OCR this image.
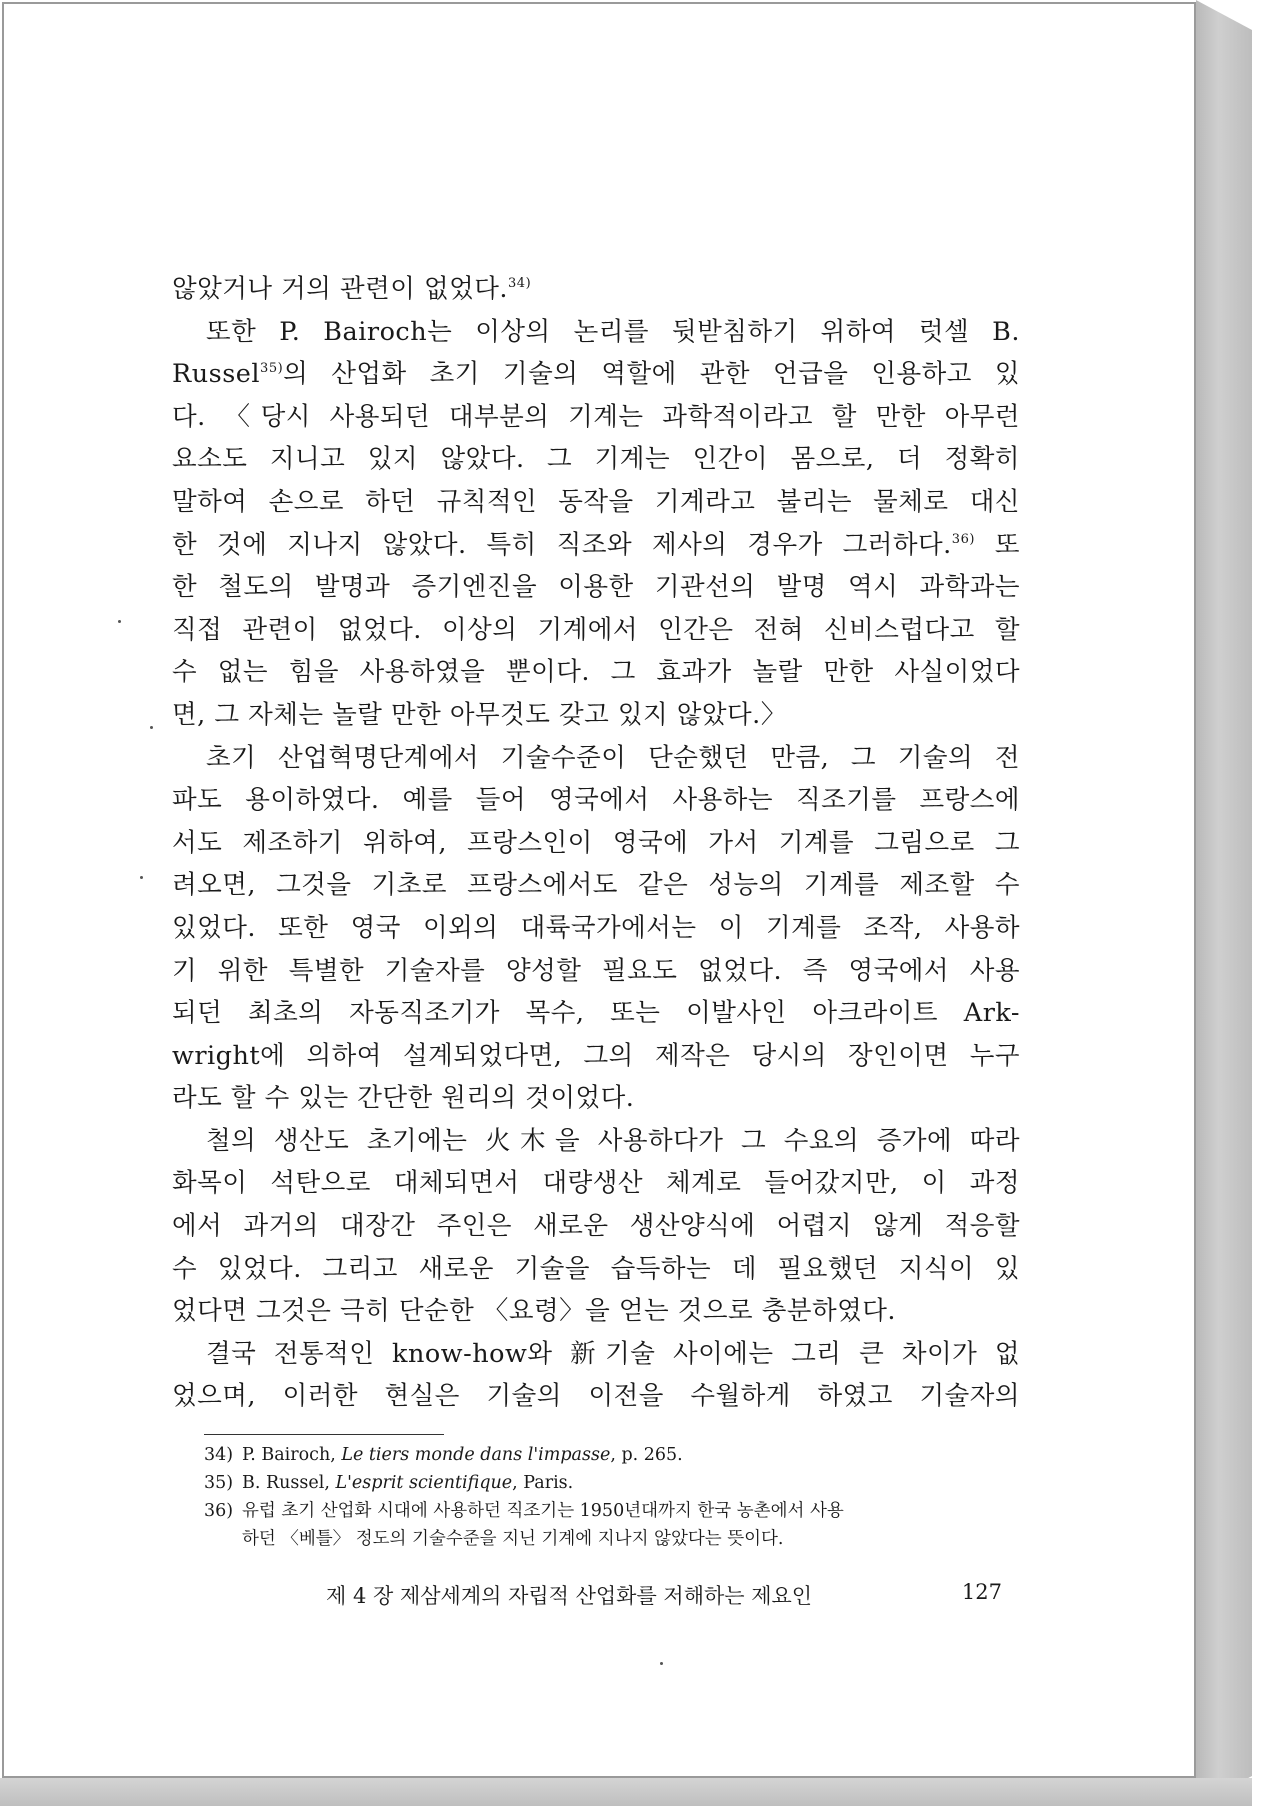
않았거나 거의 관련이 없었다.$^{34)}$
또한 P. Bairoch는 이상의 논리를 뒷받침하기 위하여 럿셀 B.
Russel$^{35)}$의 산업화 초기 기술의 역할에 관한 언급을 인용하고 있
다. 〈당시 사용되던 대부분의 기계는 과학적이라고 할 만한 아무런
요소도 지니고 있지 않았다. 그 기계는 인간이 몸으로, 더 정확히
말하여 손으로 하던 규칙적인 동작을 기계라고 불리는 물체로 대신
한 것에 지나지 않았다. 특히 직조와 제사의 경우가 그러하다.$^{36)}$ 또
한 철도의 발명과 증기엔진을 이용한 기관선의 발명 역시 과학과는
직접 관련이 없었다. 이상의 기계에서 인간은 전혀 신비스럽다고 할
수 없는 힘을 사용하였을 뿐이다. 그 효과가 놀랄 만한 사실이었다
면, 그 자체는 놀랄 만한 아무것도 갖고 있지 않았다.〉
초기 산업혁명단계에서 기술수준이 단순했던 만큼, 그 기술의 전
파도 용이하였다. 예를 들어 영국에서 사용하는 직조기를 프랑스에
서도 제조하기 위하여, 프랑스인이 영국에 가서 기계를 그림으로 그
려오면, 그것을 기초로 프랑스에서도 같은 성능의 기계를 제조할 수
있었다. 또한 영국 이외의 대륙국가에서는 이 기계를 조작, 사용하
기 위한 특별한 기술자를 양성할 필요도 없었다. 즉 영국에서 사용
되던 최초의 자동직조기가 목수, 또는 이발사인 아크라이트 Ark-
wright에 의하여 설계되었다면, 그의 제작은 당시의 장인이면 누구
라도 할 수 있는 간단한 원리의 것이었다.
철의 생산도 초기에는 火木을 사용하다가 그 수요의 증가에 따라
화목이 석탄으로 대체되면서 대량생산 체계로 들어갔지만, 이 과정
에서 과거의 대장간 주인은 새로운 생산양식에 어렵지 않게 적응할
수 있었다. 그리고 새로운 기술을 습득하는 데 필요했던 지식이 있
었다면 그것은 극히 단순한 〈요령〉을 얻는 것으로 충분하였다.
결국 전통적인 know-how와 新기술 사이에는 그리 큰 차이가 없
었으며, 이러한 현실은 기술의 이전을 수월하게 하였고 기술자의
34) P. Bairoch, Le tiers monde dans l'impasse, p. 265.
35) B. Russel, L'esprit scientifique, Paris.
36) 유럽 초기 산업화 시대에 사용하던 직조기는 1950년대까지 한국 농촌에서 사용
하던 〈베틀〉 정도의 기술수준을 지닌 기계에 지나지 않았다는 뜻이다.
제 4 장 제삼세계의 자립적 산업화를 저해하는 제요인	127
